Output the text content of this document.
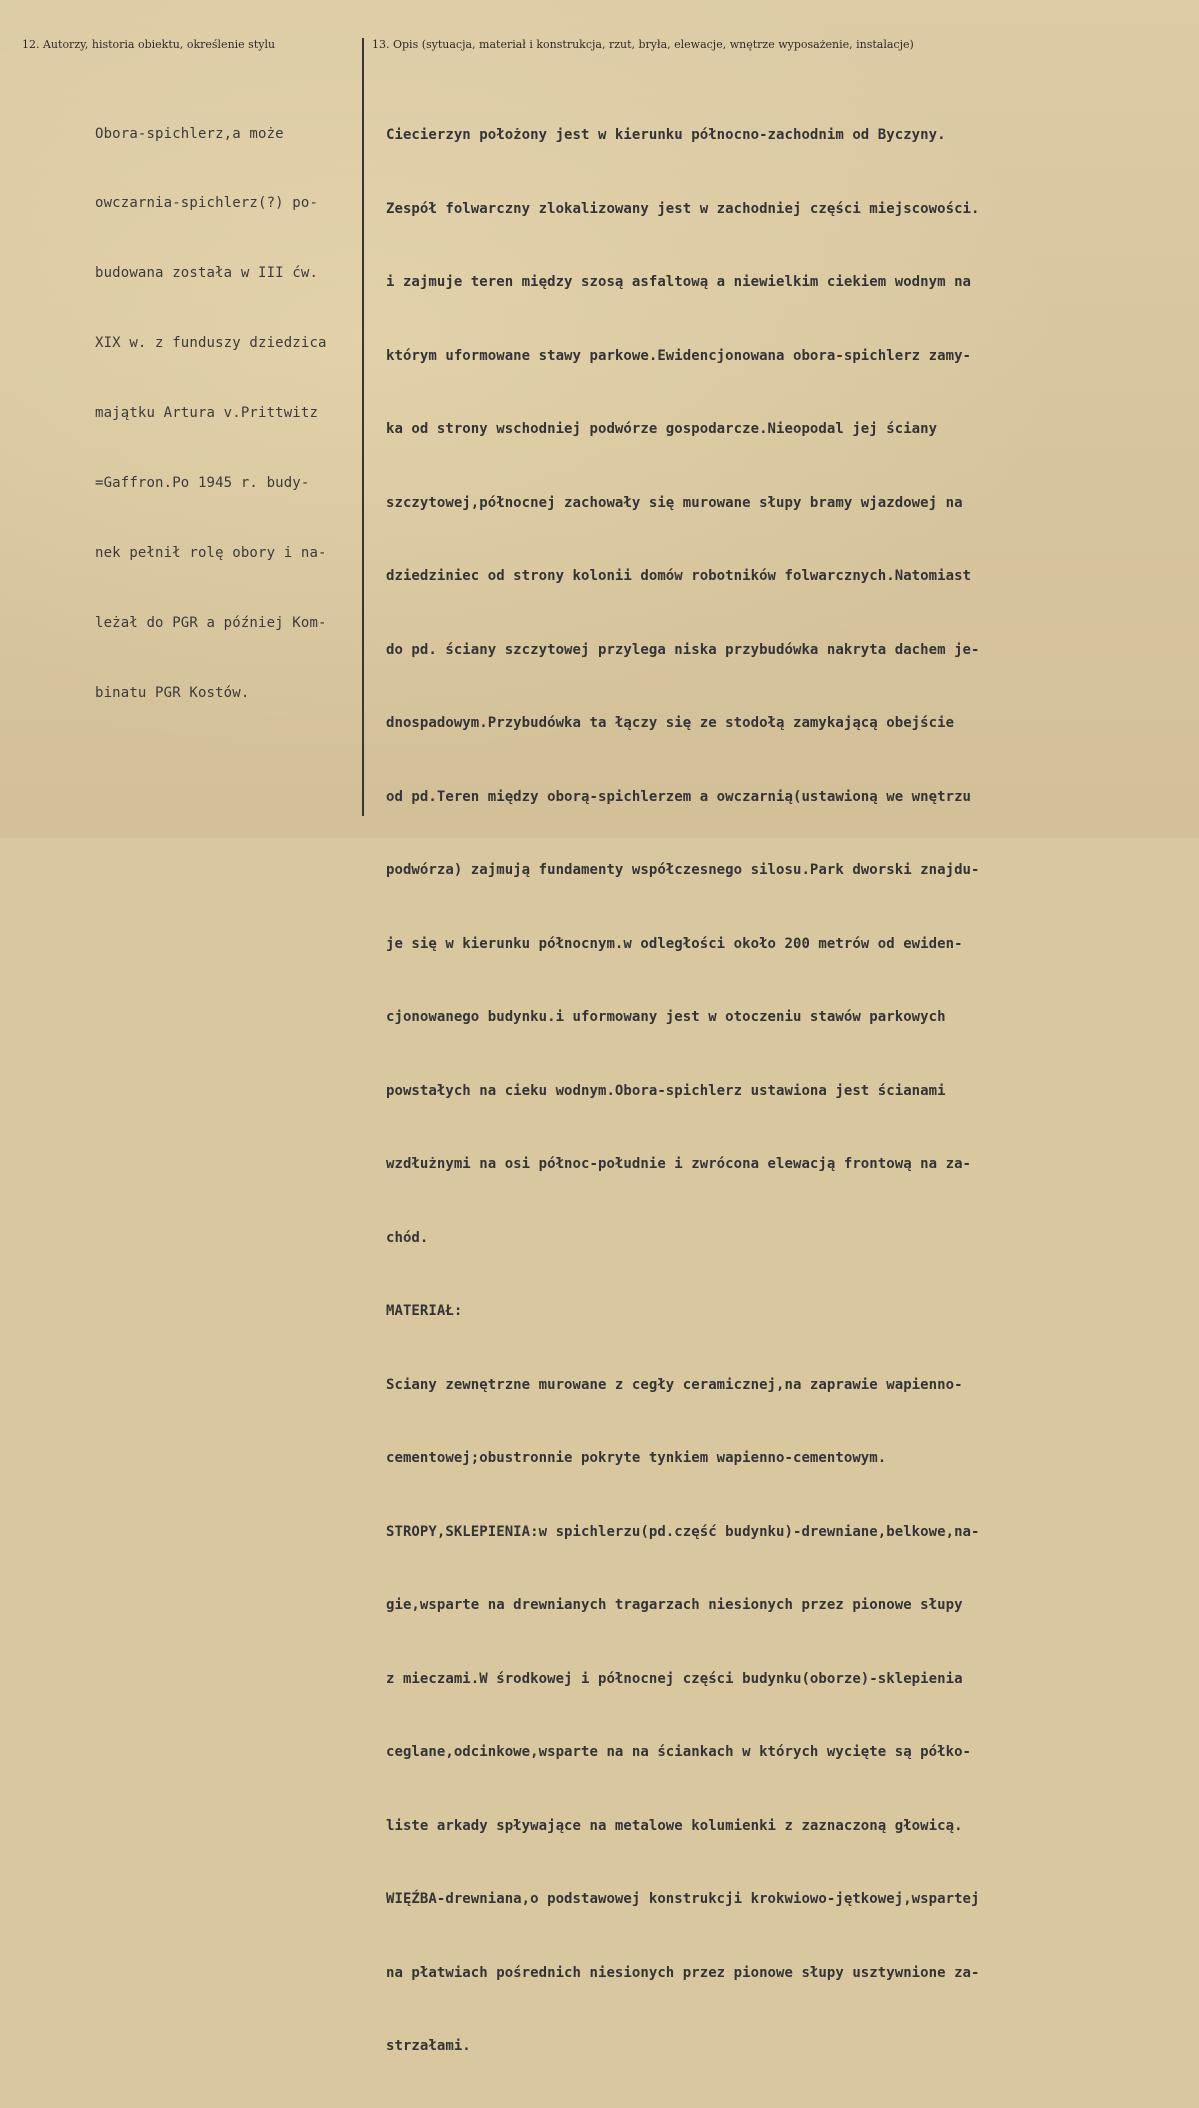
12. Autorzy, historia obiektu, określenie stylu	13. Opis (sytuacja, materiał i konstrukcja, rzut, bryła, elewacje, wnętrze wyposażenie, instalacje)

Obora-spichlerz,a może

owczarnia-spichlerz(?) po-

budowana została w III ćw.

XIX w. z funduszy dziedzica

majątku Artura v.Prittwitz

=Gaffron.Po 1945 r. budy-

nek pełnił rolę obory i na-

leżał do PGR a później Kom-

binatu PGR Kostów.

Ciecierzyn położony jest w kierunku północno-zachodnim od Byczyny.

Zespół folwarczny zlokalizowany jest w zachodniej części miejscowości.

i zajmuje teren między szosą asfaltową a niewielkim ciekiem wodnym na

którym uformowane stawy parkowe.Ewidencjonowana obora-spichlerz zamy-

ka od strony wschodniej podwórze gospodarcze.Nieopodal jej ściany

szczytowej,północnej zachowały się murowane słupy bramy wjazdowej na

dziedziniec od strony kolonii domów robotników folwarcznych.Natomiast

do pd. ściany szczytowej przylega niska przybudówka nakryta dachem je-

dnospadowym.Przybudówka ta łączy się ze stodołą zamykającą obejście

od pd.Teren między oborą-spichlerzem a owczarnią(ustawioną we wnętrzu

podwórza) zajmują fundamenty współczesnego silosu.Park dworski znajdu-

je się w kierunku północnym.w odległości około 200 metrów od ewiden-

cjonowanego budynku.i uformowany jest w otoczeniu stawów parkowych

powstałych na cieku wodnym.Obora-spichlerz ustawiona jest ścianami

wzdłużnymi na osi północ-południe i zwrócona elewacją frontową na za-

chód.

MATERIAŁ:

Sciany zewnętrzne murowane z cegły ceramicznej,na zaprawie wapienno-

cementowej;obustronnie pokryte tynkiem wapienno-cementowym.

STROPY,SKLEPIENIA:w spichlerzu(pd.część budynku)-drewniane,belkowe,na-

gie,wsparte na drewnianych tragarzach niesionych przez pionowe słupy

z mieczami.W środkowej i północnej części budynku(oborze)-sklepienia

ceglane,odcinkowe,wsparte na na ściankach w których wycięte są półko-

liste arkady spływające na metalowe kolumienki z zaznaczoną głowicą.

WIĘŹBA-drewniana,o podstawowej konstrukcji krokwiowo-jętkowej,wspartej

na płatwiach pośrednich niesionych przez pionowe słupy usztywnione za-

strzałami.
